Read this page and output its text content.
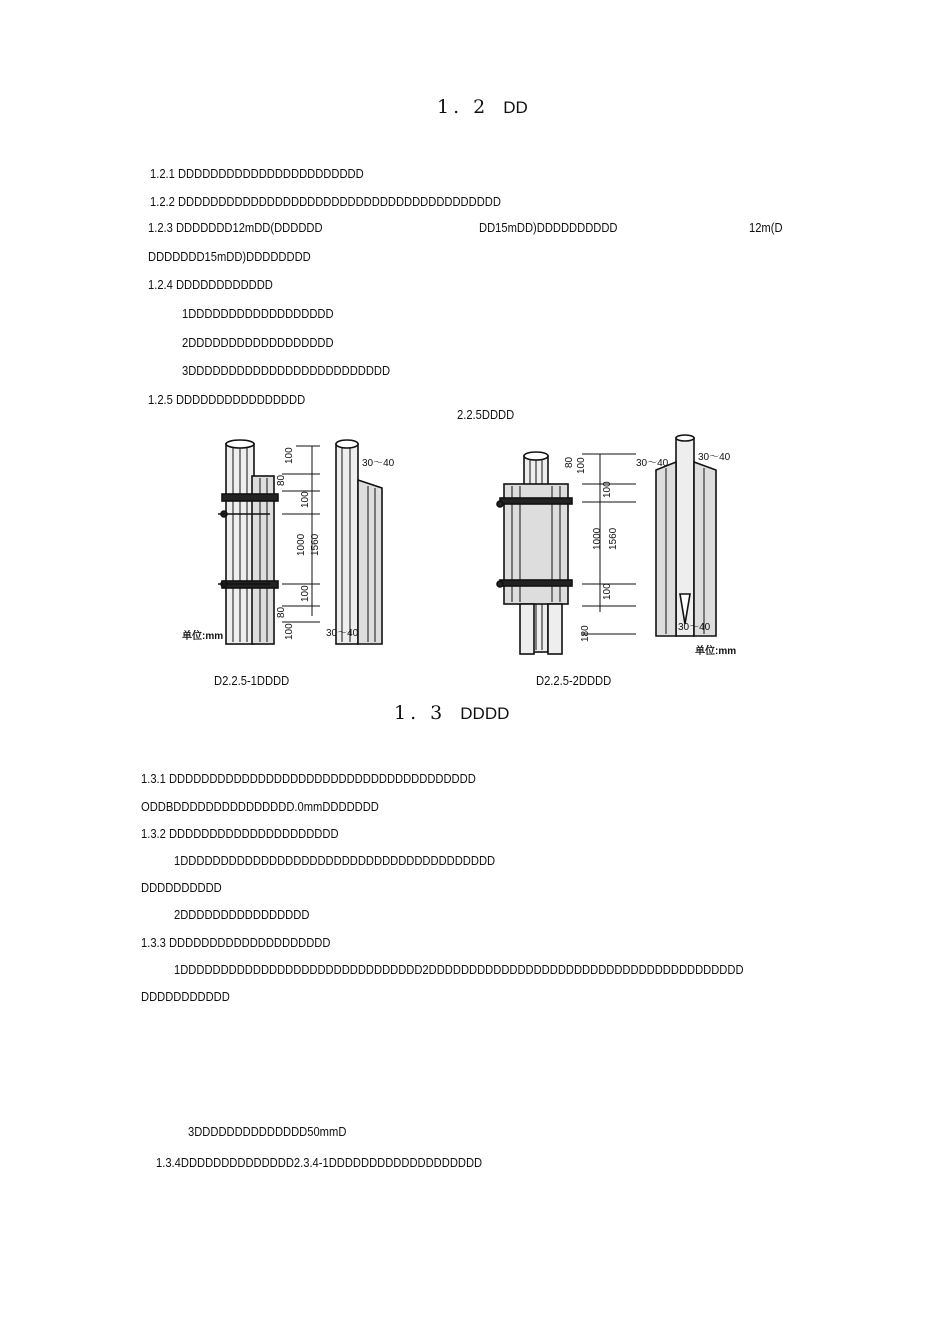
1. 2 DD
1.2.1 DDDDDDDDDDDDDDDDDDDDDDD
1.2.2 DDDDDDDDDDDDDDDDDDDDDDDDDDDDDDDDDDDDDDDD
1.2.3 DDDDDDD12mDD(DDDDDD	DD15mDD)DDDDDDDDDD	12m(D
DDDDDDD15mDD)DDDDDDDD
1.2.4 DDDDDDDDDDDD
1DDDDDDDDDDDDDDDDDD
2DDDDDDDDDDDDDDDDDD
3DDDDDDDDDDDDDDDDDDDDDDDDD
1.2.5 DDDDDDDDDDDDDDDD
2.2.5DDDD
100
80
100
1000 1560
100
80
100
30～40
30～40
单位:mm
80 100
100
1000 1560
100
180
30～40
30～40
30～40
单位:mm
D2.2.5-1DDDD	D2.2.5-2DDDD
1. 3 DDDD
1.3.1 DDDDDDDDDDDDDDDDDDDDDDDDDDDDDDDDDDDDDD
ODDBDDDDDDDDDDDDDDD.0mmDDDDDDD
1.3.2 DDDDDDDDDDDDDDDDDDDDD
1DDDDDDDDDDDDDDDDDDDDDDDDDDDDDDDDDDDDDDD
DDDDDDDDDD
2DDDDDDDDDDDDDDDD
1.3.3 DDDDDDDDDDDDDDDDDDDD
1DDDDDDDDDDDDDDDDDDDDDDDDDDDDDD2DDDDDDDDDDDDDDDDDDDDDDDDDDDDDDDDDDDDDDD
DDDDDDDDDDD
3DDDDDDDDDDDDDD50mmD
1.3.4DDDDDDDDDDDDDD2.3.4-1DDDDDDDDDDDDDDDDDDD
